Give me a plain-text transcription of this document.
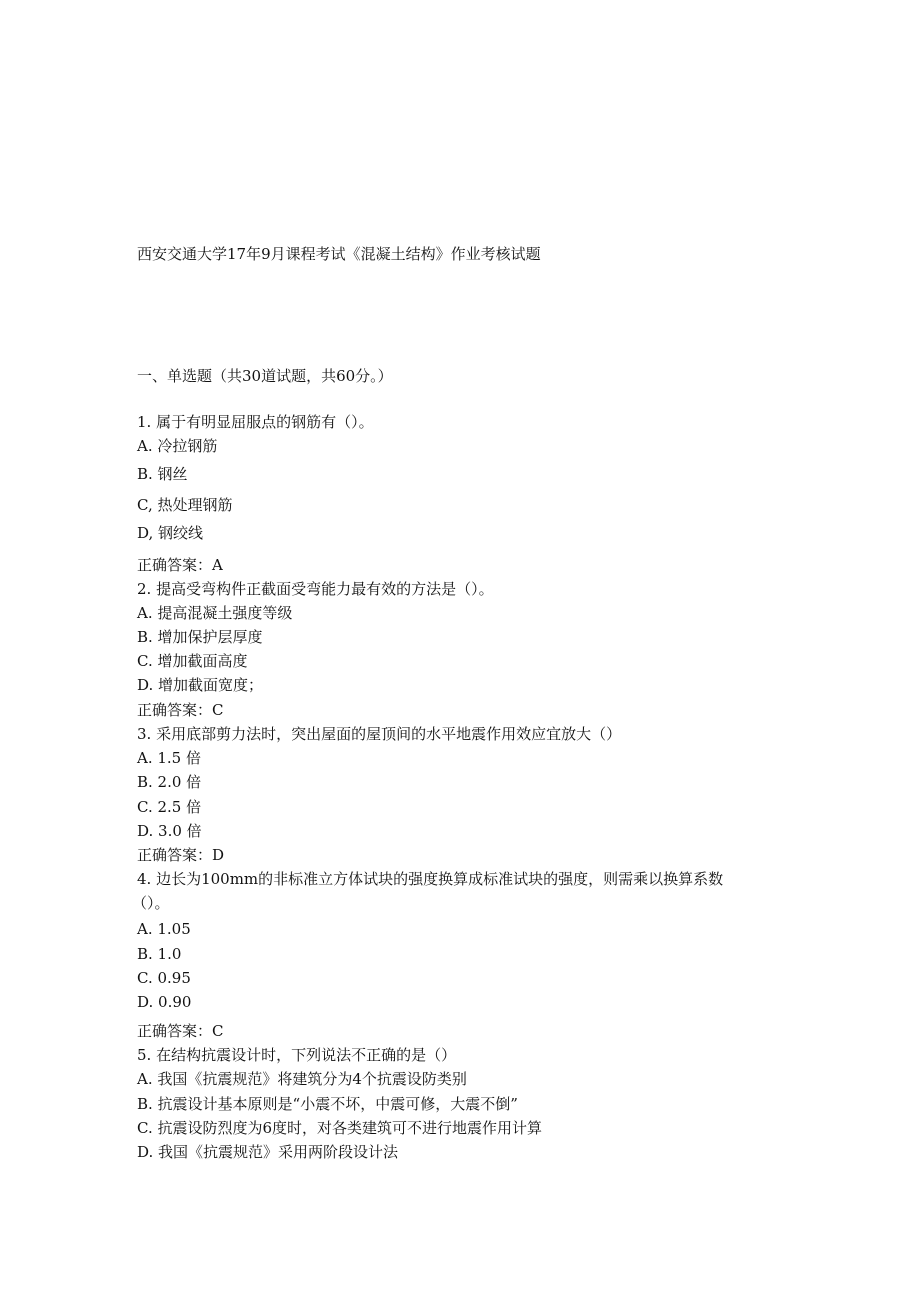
西安交通大学17年9月课程考试《混凝土结构》作业考核试题
一、单选题（共30道试题，共60分。）
1. 属于有明显屈服点的钢筋有（）。
A. 冷拉钢筋
B. 钢丝
C, 热处理钢筋
D, 钢绞线
正确答案：A
2. 提高受弯构件正截面受弯能力最有效的方法是（）。
A. 提高混凝土强度等级
B. 增加保护层厚度
C. 增加截面高度
D. 增加截面宽度；
正确答案：C
3. 采用底部剪力法时，突出屋面的屋顶间的水平地震作用效应宜放大（）
A. 1.5 倍
B. 2.0 倍
C. 2.5 倍
D. 3.0 倍
正确答案：D
4. 边长为100mm的非标准立方体试块的强度换算成标准试块的强度，则需乘以换算系数
（）。
A. 1.05
B. 1.0
C. 0.95
D. 0.90
正确答案：C
5. 在结构抗震设计时，下列说法不正确的是（）
A. 我国《抗震规范》将建筑分为4个抗震设防类别
B. 抗震设计基本原则是“小震不坏，中震可修，大震不倒”
C. 抗震设防烈度为6度时，对各类建筑可不进行地震作用计算
D. 我国《抗震规范》采用两阶段设计法
